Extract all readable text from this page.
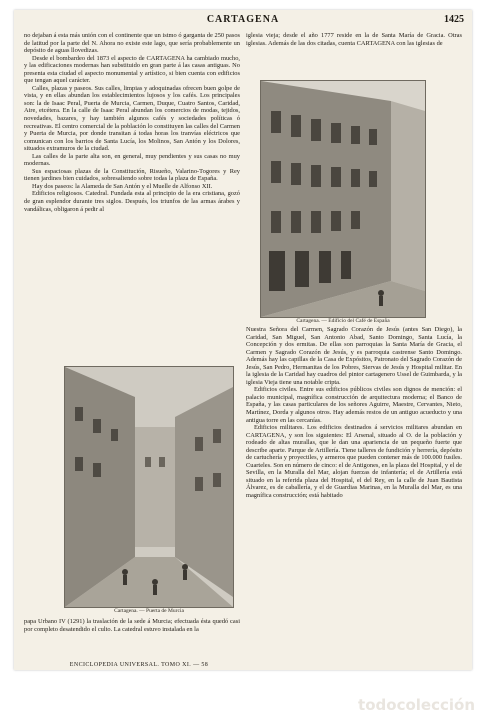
CARTAGENA	1425

no dejaban á esta más unión con el continente que un istmo ó garganta de 250 pasos de latitud por la parte del N. Ahora no existe este lago, que sería probablemente un depósito de aguas llovedizas.

Desde el bombardeo del 1873 el aspecto de CARTAGENA ha cambiado mucho, y las edificaciones modernas han substituido en gran parte á las casas antiguas. No presenta esta ciudad el aspecto monumental y artístico, si bien cuenta con edificios que tengan aquel carácter.

Calles, plazas y paseos. Sus calles, limpias y adoquinadas ofrecen buen golpe de vista, y en ellas abundan los establecimientos lujosos y los cafés. Los principales son: la de Isaac Peral, Puerta de Murcia, Carmen, Duque, Cuatro Santos, Caridad, Aire, etcétera. En la calle de Isaac Peral abundan los comercios de modas, tejidos, novedades, bazares, y hay también algunos cafés y sociedades políticas ó recreativas. El centro comercial de la población lo constituyen las calles del Carmen y Puerta de Murcia, por donde transitan á todas horas los tranvías eléctricos que comunican con los barrios de Santa Lucía, los Molinos, San Antón y los Dolores, situados extramuros de la ciudad.

Las calles de la parte alta son, en general, muy pendientes y sus casas no muy modernas.

Sus espaciosas plazas de la Constitución, Risueño, Valarino-Togores y Rey tienen jardines bien cuidados, sobresaliendo sobre todas la plaza de España.

Hay dos paseos: la Alameda de San Antón y el Muelle de Alfonso XII.

Edificios religiosos. Catedral. Fundada esta al principio de la era cristiana, gozó de gran esplendor durante tres siglos. Después, los triunfos de las armas árabes y vandálicas, obligaron á pedir al

Cartagena. — Puerta de Murcia

papa Urbano IV (1291) la traslación de la sede á Murcia; efectuada ésta quedó casi por completo desatendido el culto. La catedral estuvo instalada en la

iglesia vieja; desde el año 1777 reside en la de Santa María de Gracia. Otras iglesias. Además de las dos citadas, cuenta CARTAGENA con las iglesias de

Cartagena. — Edificio del Café de España

Nuestra Señora del Carmen, Sagrado Corazón de Jesús (antes San Diego), la Caridad, San Miguel, San Antonio Abad, Santo Domingo, Santa Lucía, la Concepción y dos ermitas. De ellas son parroquias la Santa María de Gracia, el Carmen y Sagrado Corazón de Jesús, y es parroquia castrense Santo Domingo. Además hay las capillas de la Casa de Expósitos, Patronato del Sagrado Corazón de Jesús, San Pedro, Hermanitas de los Pobres, Siervas de Jesús y Hospital militar. En la iglesia de la Caridad hay cuadros del pintor cartagenero Ussel de Guimbarda, y la iglesia Vieja tiene una notable cripta.

Edificios civiles. Entre sus edificios públicos civiles son dignos de mención: el palacio municipal, magnífica construcción de arquitectura moderna; el Banco de España, y las casas particulares de los señores Aguirre, Maestre, Cervantes, Nieto, Martínez, Dorda y algunos otros. Hay además restos de un antiguo acueducto y una antigua torre en las cercanías.

Edificios militares. Los edificios destinados á servicios militares abundan en CARTAGENA, y son los siguientes: El Arsenal, situado al O. de la población y rodeado de altas murallas, que le dan una apariencia de un pequeño fuerte que describe aparte. Parque de Artillería. Tiene talleres de fundición y herrería, depósito de cartuchería y proyectiles, y armeros que pueden contener más de 100.000 fusiles. Cuarteles. Son en número de cinco: el de Antigones, en la plaza del Hospital, y el de Sevilla, en la Muralla del Mar, alojan fuerzas de infantería; el de Artillería está situado en la referida plaza del Hospital, el del Rey, en la calle de Juan Bautista Álvarez, es de caballería, y el de Guardias Marinas, en la Muralla del Mar, es una magnífica construcción; está habitado

ENCICLOPEDIA UNIVERSAL. TOMO XI. — 58
todocolección
